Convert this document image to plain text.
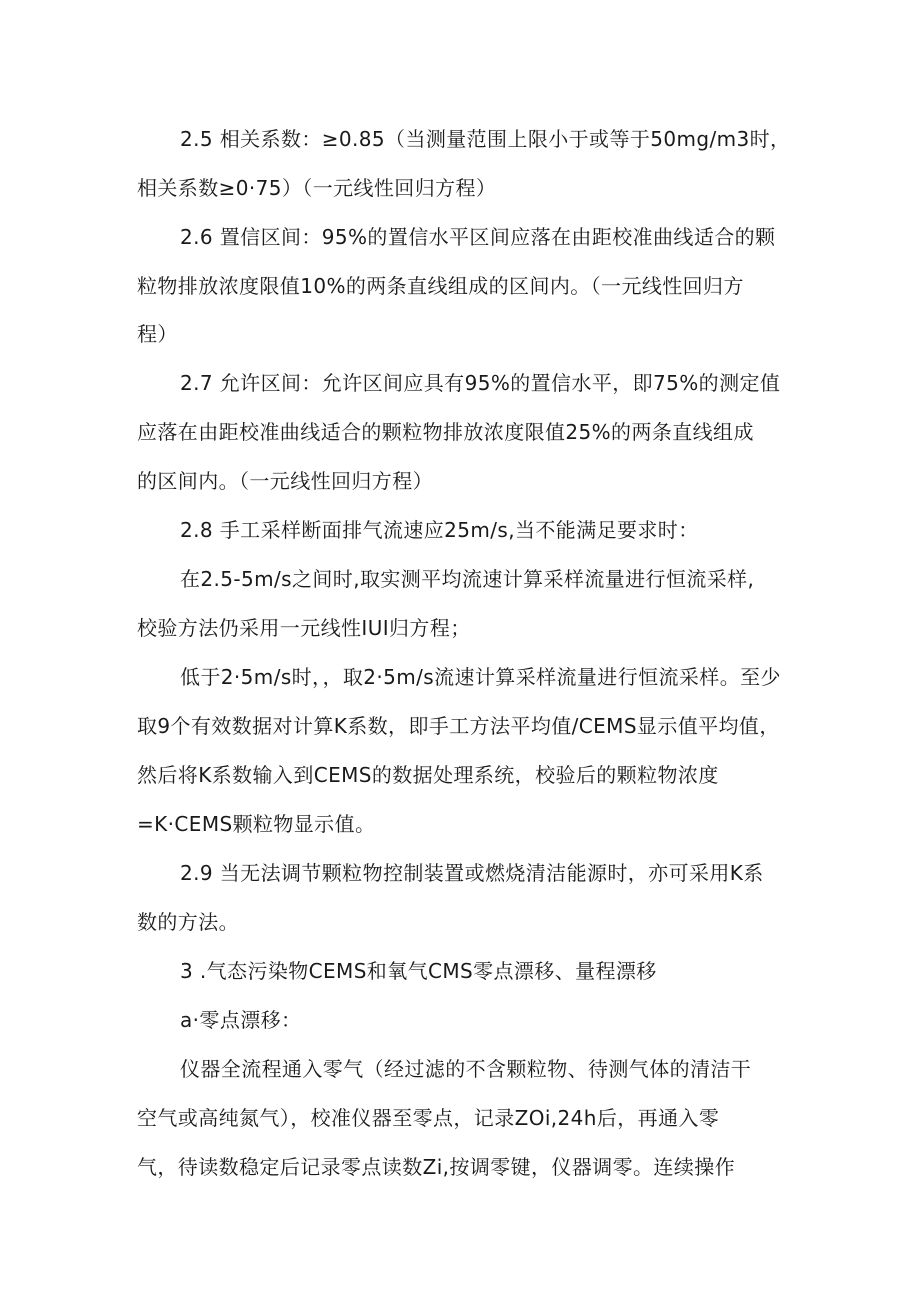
2.5 相关系数：≥0.85（当测量范围上限小于或等于50mg/m3时，
相关系数≥0·75）（一元线性回归方程）
2.6 置信区间：95%的置信水平区间应落在由距校准曲线适合的颗
粒物排放浓度限值10%的两条直线组成的区间内。（一元线性回归方
程）
2.7 允许区间：允许区间应具有95%的置信水平，即75%的测定值
应落在由距校准曲线适合的颗粒物排放浓度限值25%的两条直线组成
的区间内。（一元线性回归方程）
2.8 手工采样断面排气流速应25m/s,当不能满足要求时：
在2.5-5m/s之间时,取实测平均流速计算采样流量进行恒流采样,
校验方法仍采用一元线性IUI归方程；
低于2·5m/s时，，取2·5m/s流速计算采样流量进行恒流采样。至少
取9个有效数据对计算K系数，即手工方法平均值/CEMS显示值平均值，
然后将K系数输入到CEMS的数据处理系统，校验后的颗粒物浓度
=K·CEMS颗粒物显示值。
2.9 当无法调节颗粒物控制装置或燃烧清洁能源时，亦可采用K系
数的方法。
3 .气态污染物CEMS和氧气CMS零点漂移、量程漂移
a·零点漂移：
仪器全流程通入零气（经过滤的不含颗粒物、待测气体的清洁干
空气或高纯氮气），校准仪器至零点，记录ZOi,24h后，再通入零
气，待读数稳定后记录零点读数Zi,按调零键，仪器调零。连续操作
